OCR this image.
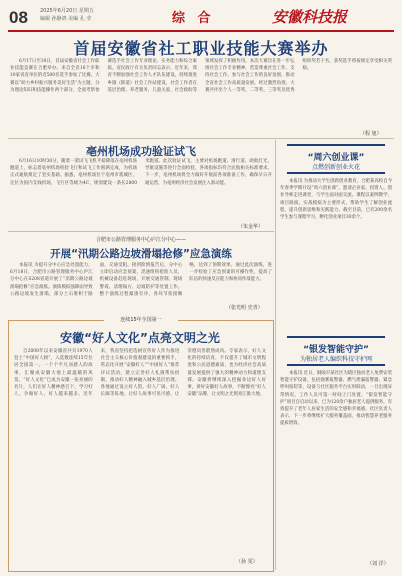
08 2025年6月20日 星期五
编辑 孙静鸿 美编 孔 莹	综 合	安徽科技报
首届安徽省社工职业技能大赛举办
6月17日至18日，首届安徽省社会工作职业技能竞赛在合肥举办。来自全省16个市和10家省直单位的近500名选手参加了比赛。大赛以“助力乡村振兴服务美好生活”为主题，分为理论知识和技能操作两个部分，全面考察参赛选手社会工作专业理论、实务能力和综合素质。省民政厅有关负责同志表示，近年来，我省不断加强社会工作人才队伍建设，持续推进乡镇（街道）社会工作站建设，社会工作者在基层治理、养老服务、儿童关爱、社会救助等领域发挥了积极作用。本次大赛旨在进一步弘扬社会工作专业精神，营造尊重社会工作、支持社会工作、参与社会工作的良好氛围，推动全省社会工作高质量发展。经过激烈角逐，大赛共评出个人一等奖、二等奖、三等奖及优秀组织奖若干名，获奖选手将按规定享受相关奖励。
（程 旭）
亳州机场成功验证试飞
6月16日10时30分，随着一架试飞飞机平稳降落在亳州机场跑道上，标志着亳州机场校验飞行和试飞工作圆满完成，为机场正式通航奠定了坚实基础。据悉，亳州机场位于亳州市谯城区，定位为国内支线机场，飞行区等级为4C，规划建设一条长2800米跑道。此次验证试飞，主要对机场跑道、滑行道、助航灯光、导航设施等进行全面检验，各项指标均符合民航相关标准要求。下一步，亳州机场将全力做好开航前各项准备工作，确保早日开通运营，为亳州经济社会发展注入新动能。
（朱金华）
合肥市公路管理服务中心庐江分中心——
开展“汛期公路边坡滑塌抢修”应急演练
本报讯 为提升分中心应急处置能力，6月18日，合肥市公路管理服务中心庐江分中心在S208省道开展了“汛期公路边坡滑塌抢修”应急演练。演练模拟强降雨导致公路边坡发生滑塌，部分土石堆积于路面，交通受阻。接到险情报告后，分中心立即启动应急预案，迅速组织抢险人员、机械设备赶赴现场，开展交通管制、现场警戒、清理塌方、边坡防护等处置工作。整个演练过程紧凑有序，各环节衔接顺畅，达到了预期效果。通过此次演练，进一步检验了应急预案的可操作性，提高了队伍的快速反应能力和协同作战能力。
（张光明 史青）
连续15年全国第一
安徽“好人文化”点亮文明之光
自2008年以来安徽省共有1970人登上“中国好人榜”，入选数连续15年位居全国第一。一个个平凡而感人的故事，汇聚成安徽大地上最温暖的风景。“好人文化”已成为安徽一张亮丽的名片，人们在好人精神感召下，学习好人、争做好人，好人越来越多。近年来，我省坚持把选树宣传好人作为推进社会主义核心价值观建设的重要抓手，常态化开展“安徽好人”“中国好人”推荐评议活动，建立完善好人礼遇帮扶机制，推动好人精神融入城乡基层治理。各地通过设立好人馆、好人广场、好人长廊等阵地，让好人故事可见可感，让崇德向善蔚然成风。专家表示，好人文化的持续培育，不仅提升了城市文明程度和公民道德素质，也为经济社会高质量发展提供了强大的精神动力和道德支撑。安徽将继续深入挖掘身边好人好事，讲好安徽好人故事，不断擦亮“好人安徽”品牌，让文明之光照亮江淮大地。
（孙 雯）
“周六创业课”
点燃创新创业火花
本报讯 为推动大学生创新创业教育，合肥某高校自今年春季学期开设“周六创业课”，邀请企业家、投资人、创业导师走进课堂，与学生面对面交流。课程以案例教学、项目路演、实战模拟为主要形式，帮助学生了解创业流程，提升创新思维和实践能力。截至目前，已有200余名学生参与课程学习，孵化创业项目30余个。
“银发智能守护”
为独居老人编织科技守护网
本报讯 近日，铜陵市某社区为辖区独居老人免费安装智能守护设备，包括烟雾报警器、燃气泄漏报警器、紧急呼叫按钮等，设备与社区服务平台实时联动，一旦出现异常情况，工作人员可第一时间上门处置。“银发智能守护”项目自启动以来，已为120余户独居老人提供服务，有效提升了老年人居家生活的安全感和幸福感。社区负责人表示，下一步将继续扩大服务覆盖面，推动智慧养老服务提质增效。
（刘 洋）
